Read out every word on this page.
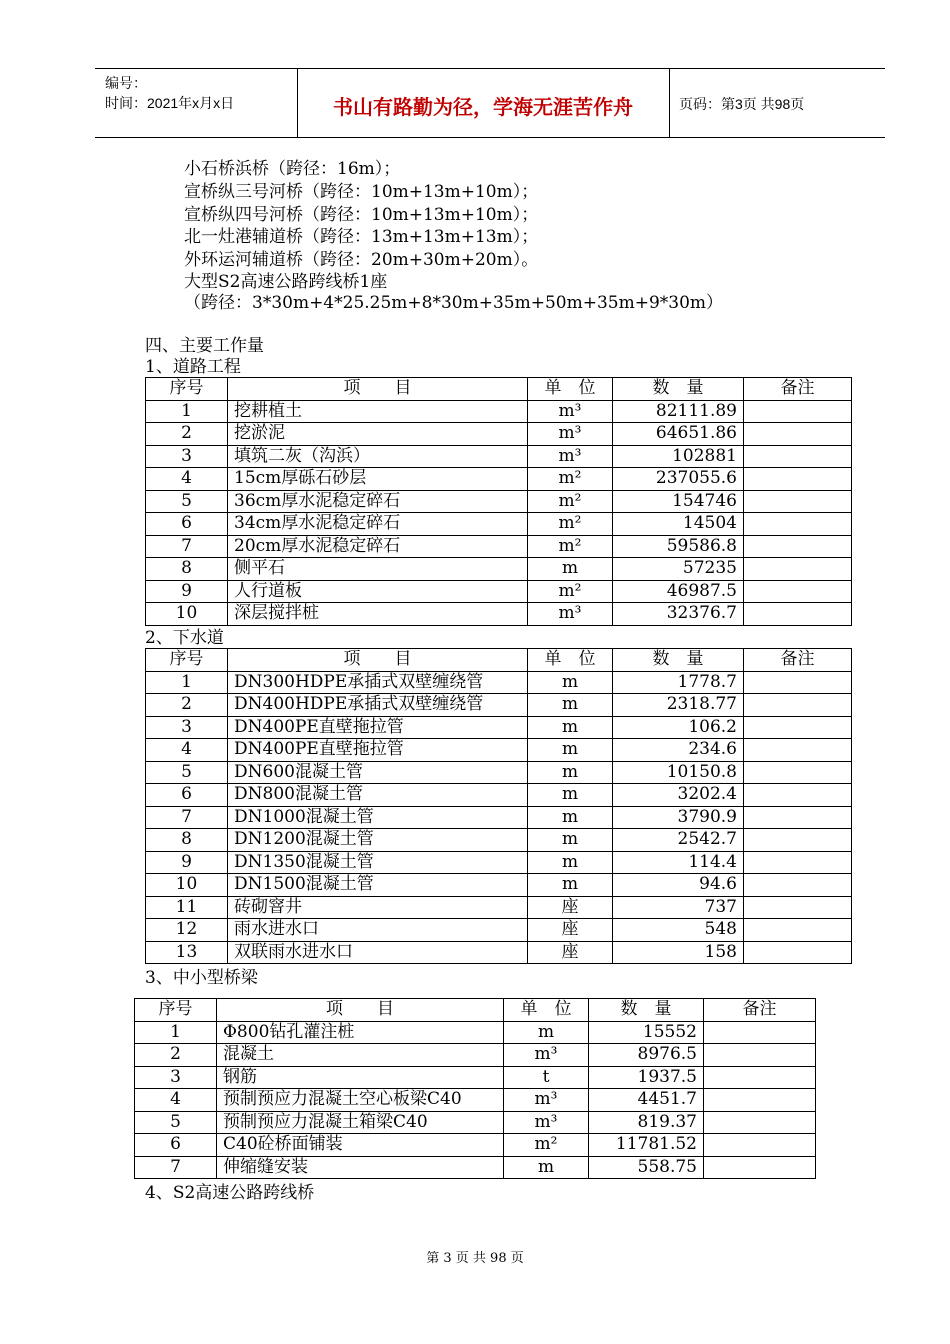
编号：
时间：2021年x月x日	书山有路勤为径，学海无涯苦作舟	页码：第3页 共98页
小石桥浜桥（跨径：16m）；
宣桥纵三号河桥（跨径：10m+13m+10m）；
宣桥纵四号河桥（跨径：10m+13m+10m）；
北一灶港辅道桥（跨径：13m+13m+13m）；
外环运河辅道桥（跨径：20m+30m+20m）。
大型S2高速公路跨线桥1座
（跨径：3*30m+4*25.25m+8*30m+35m+50m+35m+9*30m）
四、主要工作量
1、道路工程
序号	项　　目	单　位	数　量	备注
1	挖耕植土	m³	82111.89	
2	挖淤泥	m³	64651.86	
3	填筑二灰（沟浜）	m³	102881	
4	15cm厚砾石砂层	m²	237055.6	
5	36cm厚水泥稳定碎石	m²	154746	
6	34cm厚水泥稳定碎石	m²	14504	
7	20cm厚水泥稳定碎石	m²	59586.8	
8	侧平石	m	57235	
9	人行道板	m²	46987.5	
10	深层搅拌桩	m³	32376.7	
2、下水道
序号	项　　目	单　位	数　量	备注
1	DN300HDPE承插式双壁缠绕管	m	1778.7	
2	DN400HDPE承插式双壁缠绕管	m	2318.77	
3	DN400PE直壁拖拉管	m	106.2	
4	DN400PE直壁拖拉管	m	234.6	
5	DN600混凝土管	m	10150.8	
6	DN800混凝土管	m	3202.4	
7	DN1000混凝土管	m	3790.9	
8	DN1200混凝土管	m	2542.7	
9	DN1350混凝土管	m	114.4	
10	DN1500混凝土管	m	94.6	
11	砖砌窨井	座	737	
12	雨水进水口	座	548	
13	双联雨水进水口	座	158	
3、中小型桥梁
序号	项　　目	单　位	数　量	备注
1	Φ800钻孔灌注桩	m	15552	
2	混凝土	m³	8976.5	
3	钢筋	t	1937.5	
4	预制预应力混凝土空心板梁C40	m³	4451.7	
5	预制预应力混凝土箱梁C40	m³	819.37	
6	C40砼桥面铺装	m²	11781.52	
7	伸缩缝安装	m	558.75	
4、S2高速公路跨线桥
第 3 页 共 98 页
